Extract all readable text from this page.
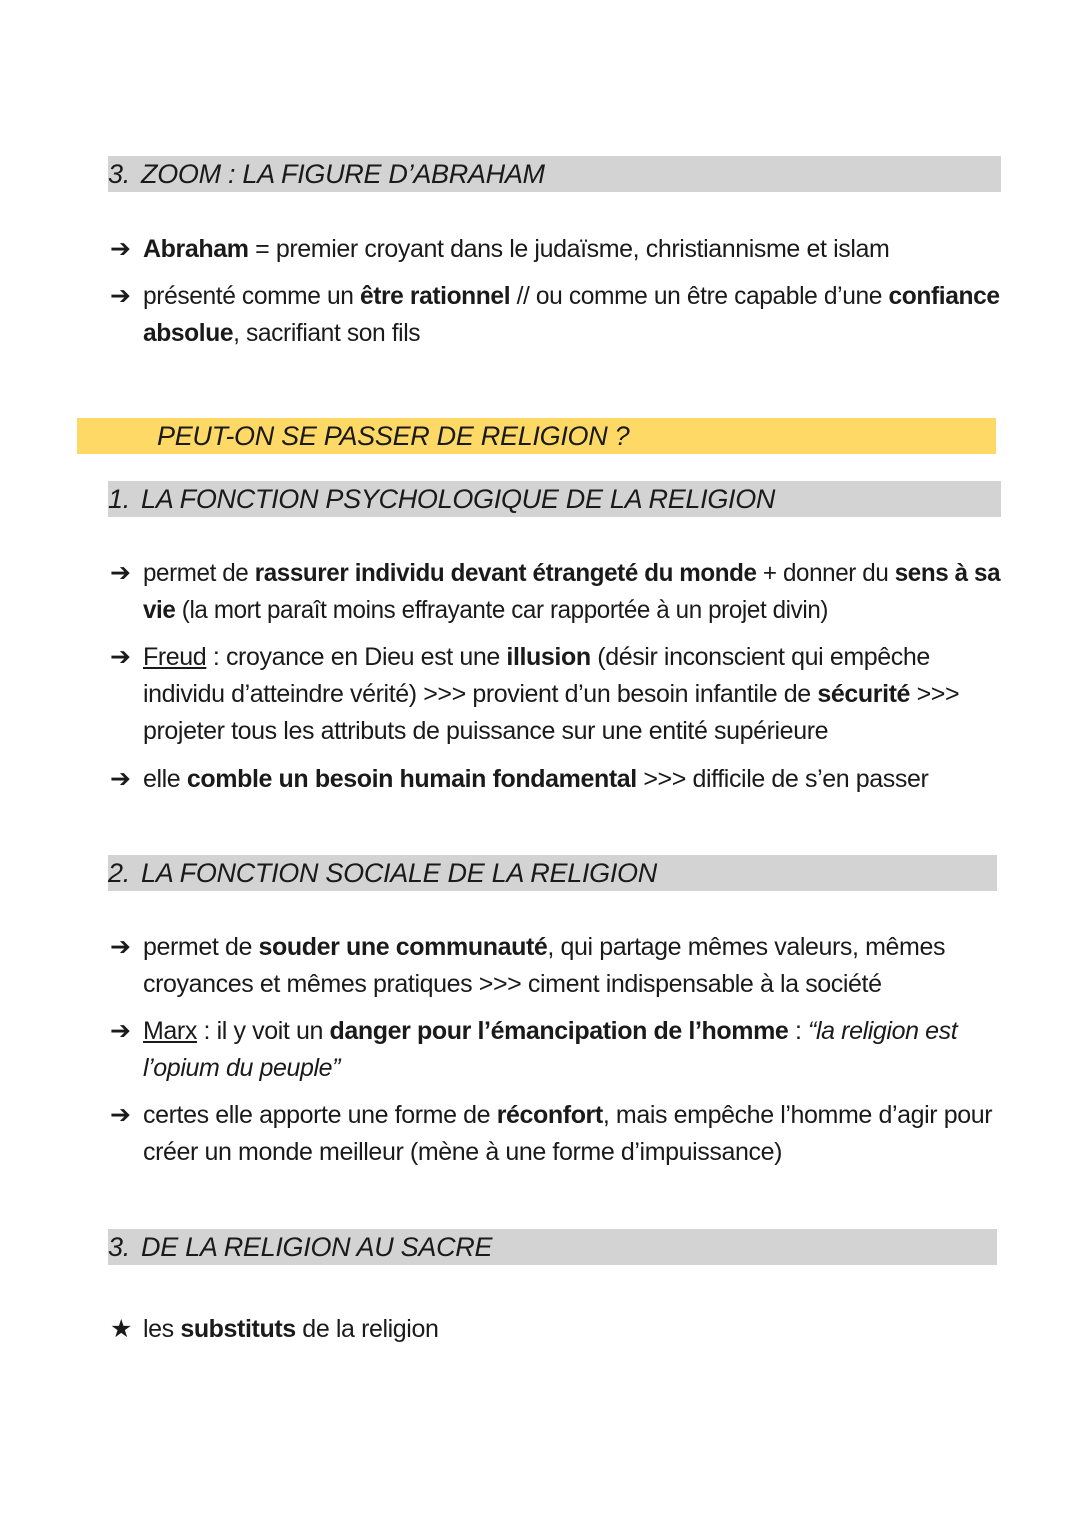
3. ZOOM : LA FIGURE D’ABRAHAM
➔ Abraham = premier croyant dans le judaïsme, christiannisme et islam

➔ présenté comme un être rationnel // ou comme un être capable d’une confiance

absolue, sacrifiant son fils

PEUT-ON SE PASSER DE RELIGION ?
1. LA FONCTION PSYCHOLOGIQUE DE LA RELIGION
➔ permet de rassurer individu devant étrangeté du monde + donner du sens à sa

vie (la mort paraît moins effrayante car rapportée à un projet divin)

➔ Freud : croyance en Dieu est une illusion (désir inconscient qui empêche

individu d’atteindre vérité) >>> provient d’un besoin infantile de sécurité >>>

projeter tous les attributs de puissance sur une entité supérieure

➔ elle comble un besoin humain fondamental >>> difficile de s’en passer

2. LA FONCTION SOCIALE DE LA RELIGION
➔ permet de souder une communauté, qui partage mêmes valeurs, mêmes

croyances et mêmes pratiques >>> ciment indispensable à la société

➔ Marx : il y voit un danger pour l’émancipation de l’homme : “la religion est

l’opium du peuple”

➔ certes elle apporte une forme de réconfort, mais empêche l’homme d’agir pour

créer un monde meilleur (mène à une forme d’impuissance)

3. DE LA RELIGION AU SACRE
★ les substituts de la religion
